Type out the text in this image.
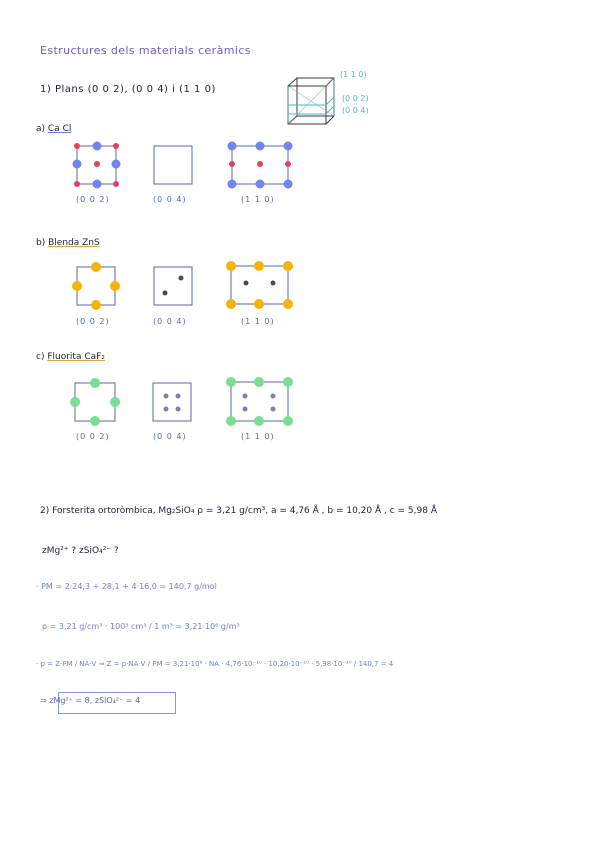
Estructures dels materials ceràmics
1) Plans (0 0 2), (0 0 4) i (1 1 0)
(1 1 0)
(0 0 2)
(0 0 4)
a) Ca Cl
b) Blenda ZnS
c) Fluorita CaF₂
(0 0 2)	(0 0 4)	(1 1 0)
(0 0 2)	(0 0 4)	(1 1 0)
(0 0 2)	(0 0 4)	(1 1 0)
2) Forsterita ortoròmbica, Mg₂SiO₄ ρ = 3,21 g/cm³, a = 4,76 Å , b = 10,20 Å , c = 5,98 Å
zMg²⁺ ? zSiO₄²⁻ ?
· PM = 2·24,3 + 28,1 + 4·16,0 = 140,7 g/mol
ρ = 3,21 g/cm³ · 100³ cm³ / 1 m³ = 3,21·10⁶ g/m³
· ρ = Z·PM / NA·V ⇒ Z = ρ·NA·V / PM = 3,21·10⁶ · NA · 4,76·10⁻¹⁰ · 10,20·10⁻¹⁰ · 5,98·10⁻¹⁰ / 140,7 = 4
⇒ zMg²⁺ = 8, zSiO₄²⁻ = 4
